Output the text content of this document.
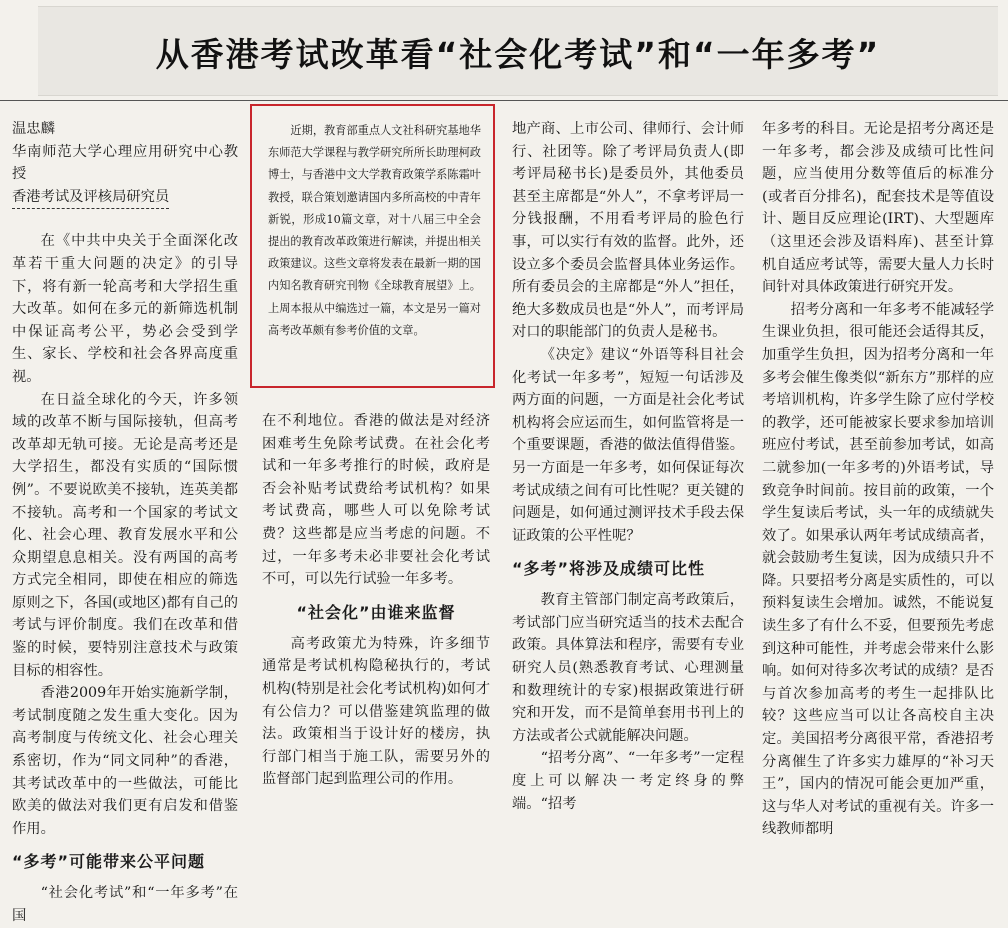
从香港考试改革看“社会化考试”和“一年多考”
温忠麟
华南师范大学心理应用研究中心教授
香港考试及评核局研究员

在《中共中央关于全面深化改革若干重大问题的决定》的引导下，将有新一轮高考和大学招生重大改革。如何在多元的新筛选机制中保证高考公平，势必会受到学生、家长、学校和社会各界高度重视。

在日益全球化的今天，许多领域的改革不断与国际接轨，但高考改革却无轨可接。无论是高考还是大学招生，都没有实质的“国际惯例”。不要说欧美不接轨，连英美都不接轨。高考和一个国家的考试文化、社会心理、教育发展水平和公众期望息息相关。没有两国的高考方式完全相同，即使在相应的筛选原则之下，各国(或地区)都有自己的考试与评价制度。我们在改革和借鉴的时候，要特别注意技术与政策目标的相容性。

香港2009年开始实施新学制，考试制度随之发生重大变化。因为高考制度与传统文化、社会心理关系密切，作为“同文同种”的香港，其考试改革中的一些做法，可能比欧美的做法对我们更有启发和借鉴作用。

“多考”可能带来公平问题

“社会化考试”和“一年多考”在国

近期，教育部重点人文社科研究基地华东师范大学课程与教学研究所所长助理柯政博士，与香港中文大学教育政策学系陈霜叶教授，联合策划邀请国内多所高校的中青年新锐，形成10篇文章，对十八届三中全会提出的教育改革政策进行解读，并提出相关政策建议。这些文章将发表在最新一期的国内知名教育研究刊物《全球教育展望》上。上周本报从中编选过一篇，本文是另一篇对高考改革颇有参考价值的文章。

在不利地位。香港的做法是对经济困难考生免除考试费。在社会化考试和一年多考推行的时候，政府是否会补贴考试费给考试机构？如果考试费高，哪些人可以免除考试费？这些都是应当考虑的问题。不过，一年多考未必非要社会化考试不可，可以先行试验一年多考。

“社会化”由谁来监督

高考政策尤为特殊，许多细节通常是考试机构隐秘执行的，考试机构(特别是社会化考试机构)如何才有公信力？可以借鉴建筑监理的做法。政策相当于设计好的楼房，执行部门相当于施工队，需要另外的监督部门起到监理公司的作用。

地产商、上市公司、律师行、会计师行、社团等。除了考评局负责人(即考评局秘书长)是委员外，其他委员甚至主席都是“外人”，不拿考评局一分钱报酬，不用看考评局的脸色行事，可以实行有效的监督。此外，还设立多个委员会监督具体业务运作。所有委员会的主席都是“外人”担任，绝大多数成员也是“外人”，而考评局对口的职能部门的负责人是秘书。

《决定》建议“外语等科目社会化考试一年多考”，短短一句话涉及两方面的问题，一方面是社会化考试机构将会应运而生，如何监管将是一个重要课题，香港的做法值得借鉴。另一方面是一年多考，如何保证每次考试成绩之间有可比性呢？更关键的问题是，如何通过测评技术手段去保证政策的公平性呢？

“多考”将涉及成绩可比性

教育主管部门制定高考政策后，考试部门应当研究适当的技术去配合政策。具体算法和程序，需要有专业研究人员(熟悉教育考试、心理测量和数理统计的专家)根据政策进行研究和开发，而不是简单套用书刊上的方法或者公式就能解决问题。

“招考分离”、“一年多考”一定程度上可以解决一考定终身的弊端。“招考

年多考的科目。无论是招考分离还是一年多考，都会涉及成绩可比性问题，应当使用分数等值后的标准分(或者百分排名)，配套技术是等值设计、题目反应理论(IRT)、大型题库（这里还会涉及语料库)、甚至计算机自适应考试等，需要大量人力长时间针对具体政策进行研究开发。

招考分离和一年多考不能减轻学生课业负担，很可能还会适得其反，加重学生负担，因为招考分离和一年多考会催生像类似“新东方”那样的应考培训机构，许多学生除了应付学校的教学，还可能被家长要求参加培训班应付考试，甚至前参加考试，如高二就参加(一年多考的)外语考试，导致竞争时间前。按目前的政策，一个学生复读后考试，头一年的成绩就失效了。如果承认两年考试成绩高者，就会鼓励考生复读，因为成绩只升不降。只要招考分离是实质性的，可以预料复读生会增加。诚然，不能说复读生多了有什么不妥，但要预先考虑到这种可能性，并考虑会带来什么影响。如何对待多次考试的成绩？是否与首次参加高考的考生一起排队比较？这些应当可以让各高校自主决定。美国招考分离很平常，香港招考分离催生了许多实力雄厚的“补习天王”，国内的情况可能会更加严重，这与华人对考试的重视有关。许多一线教师都明
